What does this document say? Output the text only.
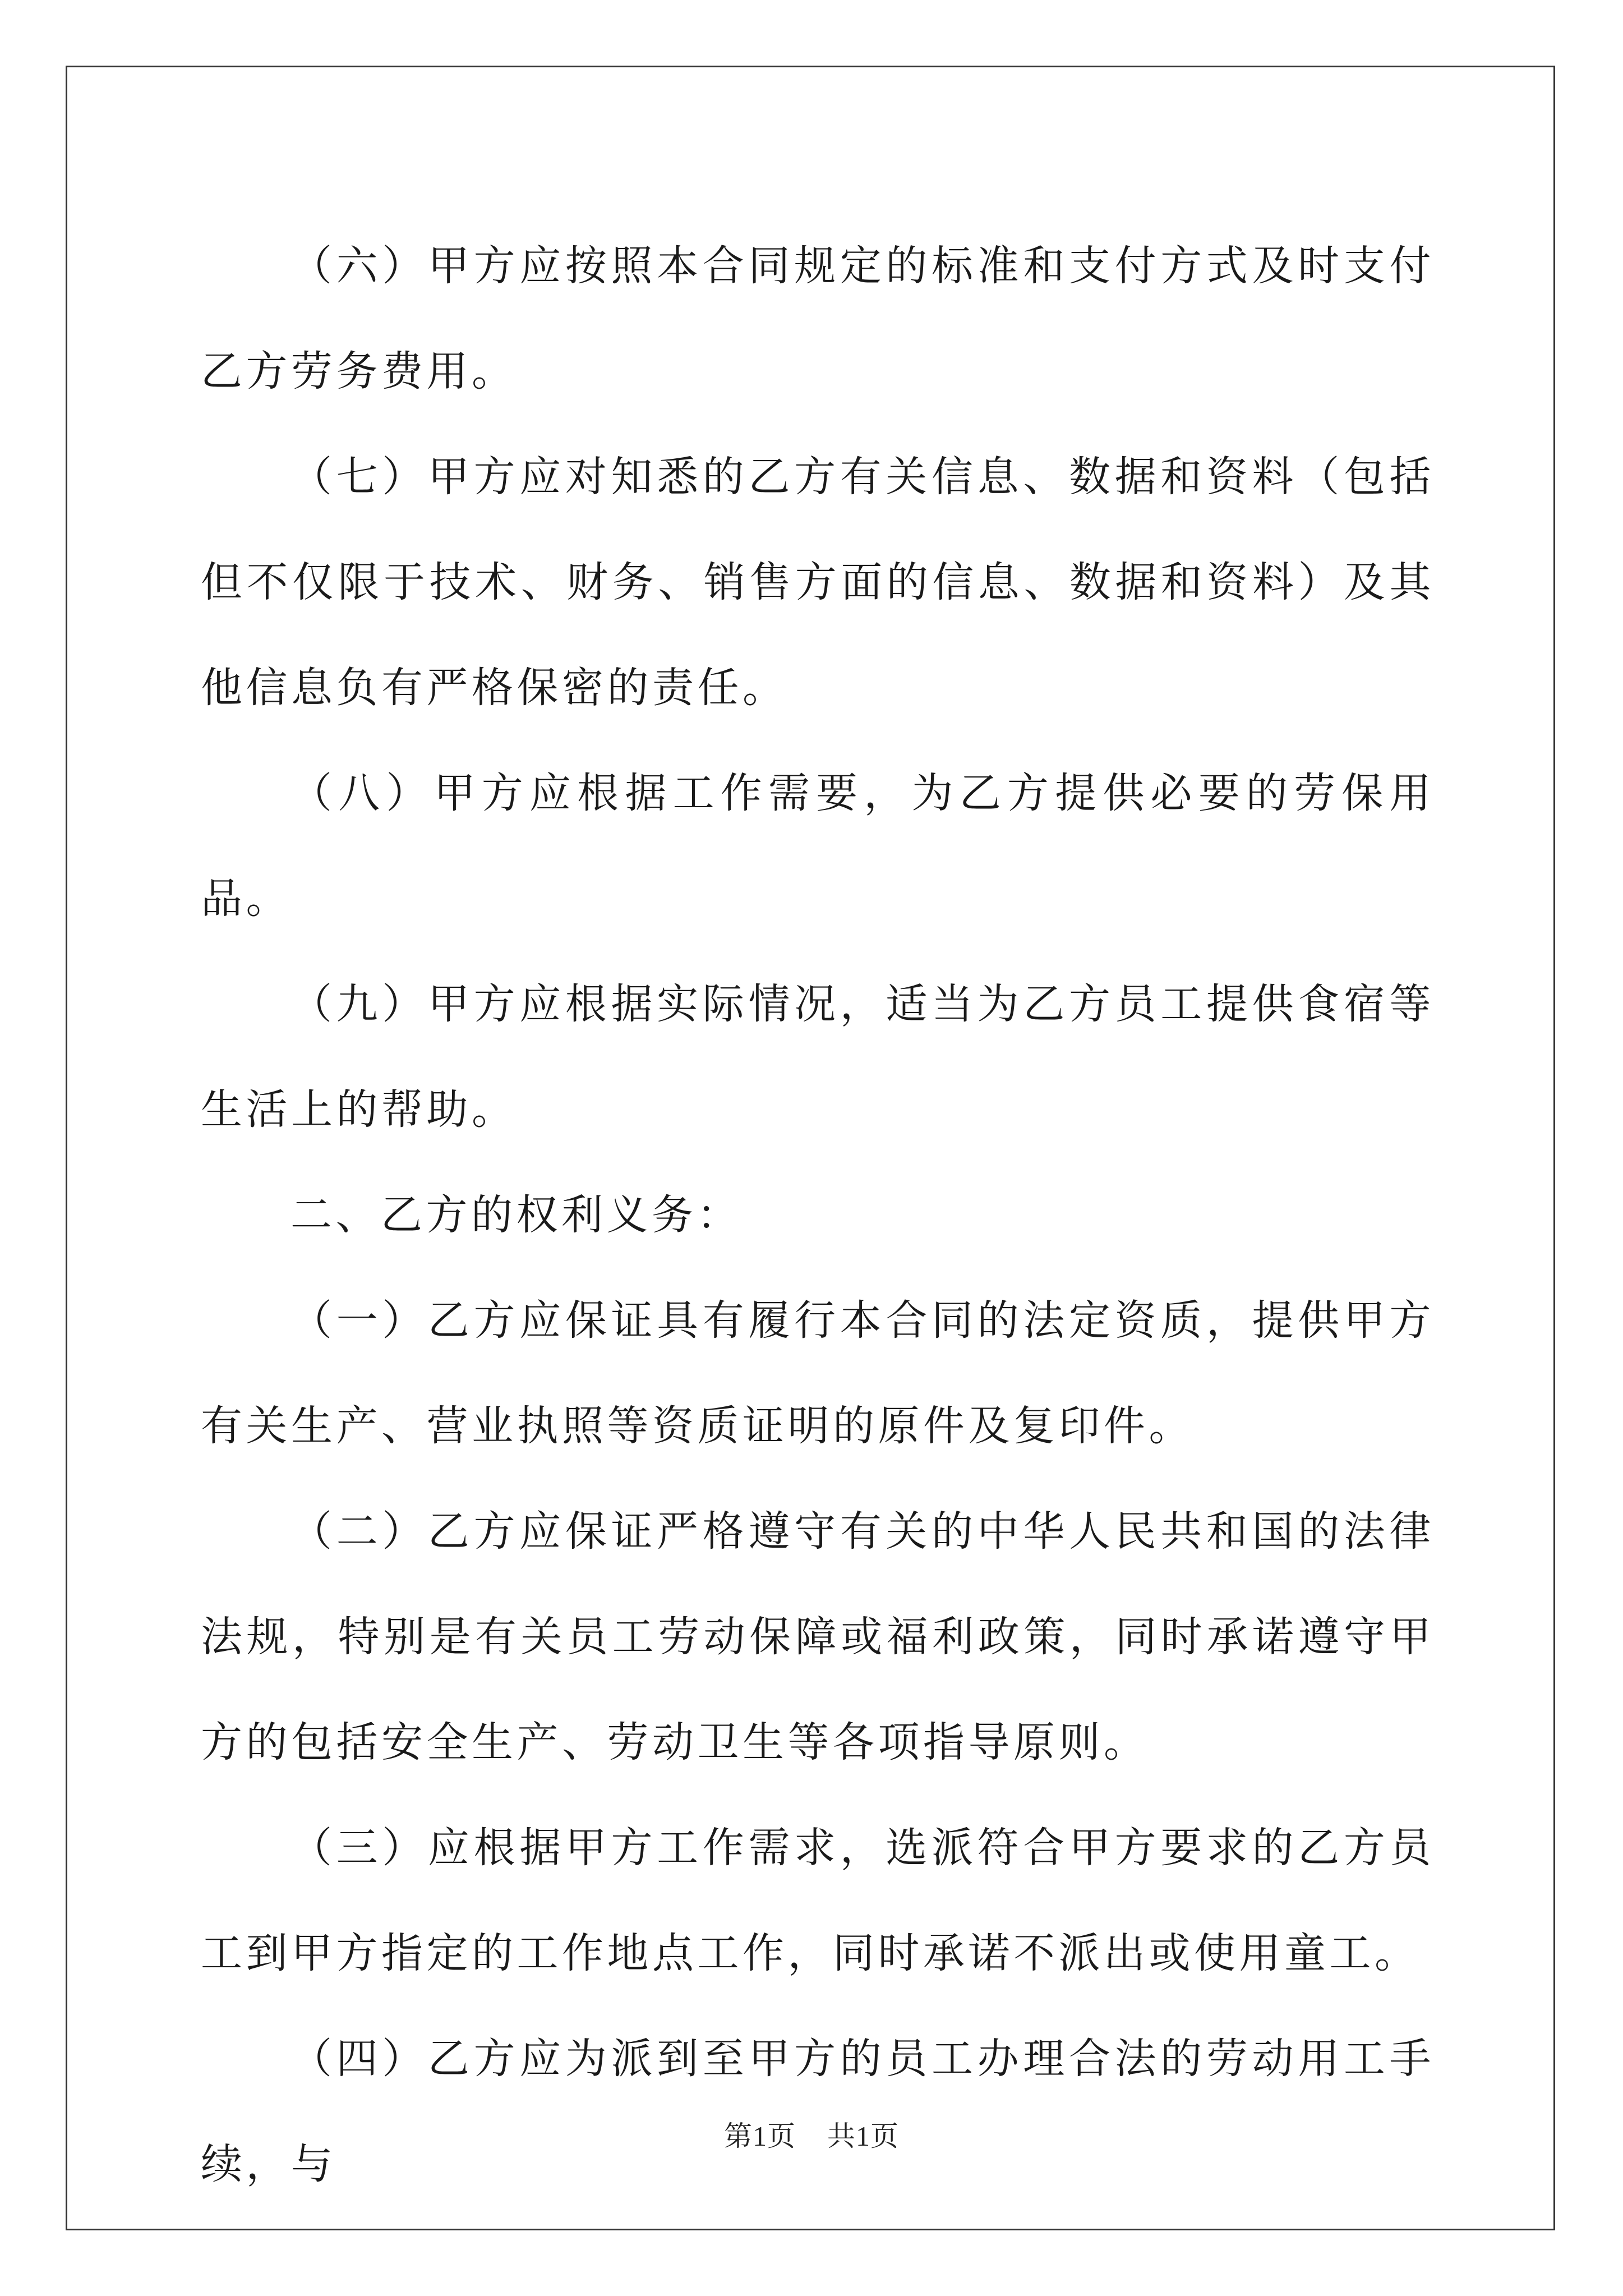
（六）甲方应按照本合同规定的标准和支付方式及时支付乙方劳务费用。

（七）甲方应对知悉的乙方有关信息、数据和资料（包括但不仅限于技术、财务、销售方面的信息、数据和资料）及其他信息负有严格保密的责任。

（八）甲方应根据工作需要，为乙方提供必要的劳保用品。

（九）甲方应根据实际情况，适当为乙方员工提供食宿等生活上的帮助。

二、乙方的权利义务：

（一）乙方应保证具有履行本合同的法定资质，提供甲方有关生产、营业执照等资质证明的原件及复印件。

（二）乙方应保证严格遵守有关的中华人民共和国的法律法规，特别是有关员工劳动保障或福利政策，同时承诺遵守甲方的包括安全生产、劳动卫生等各项指导原则。

（三）应根据甲方工作需求，选派符合甲方要求的乙方员工到甲方指定的工作地点工作，同时承诺不派出或使用童工。

（四）乙方应为派到至甲方的员工办理合法的劳动用工手续，与

第1页 共1页
